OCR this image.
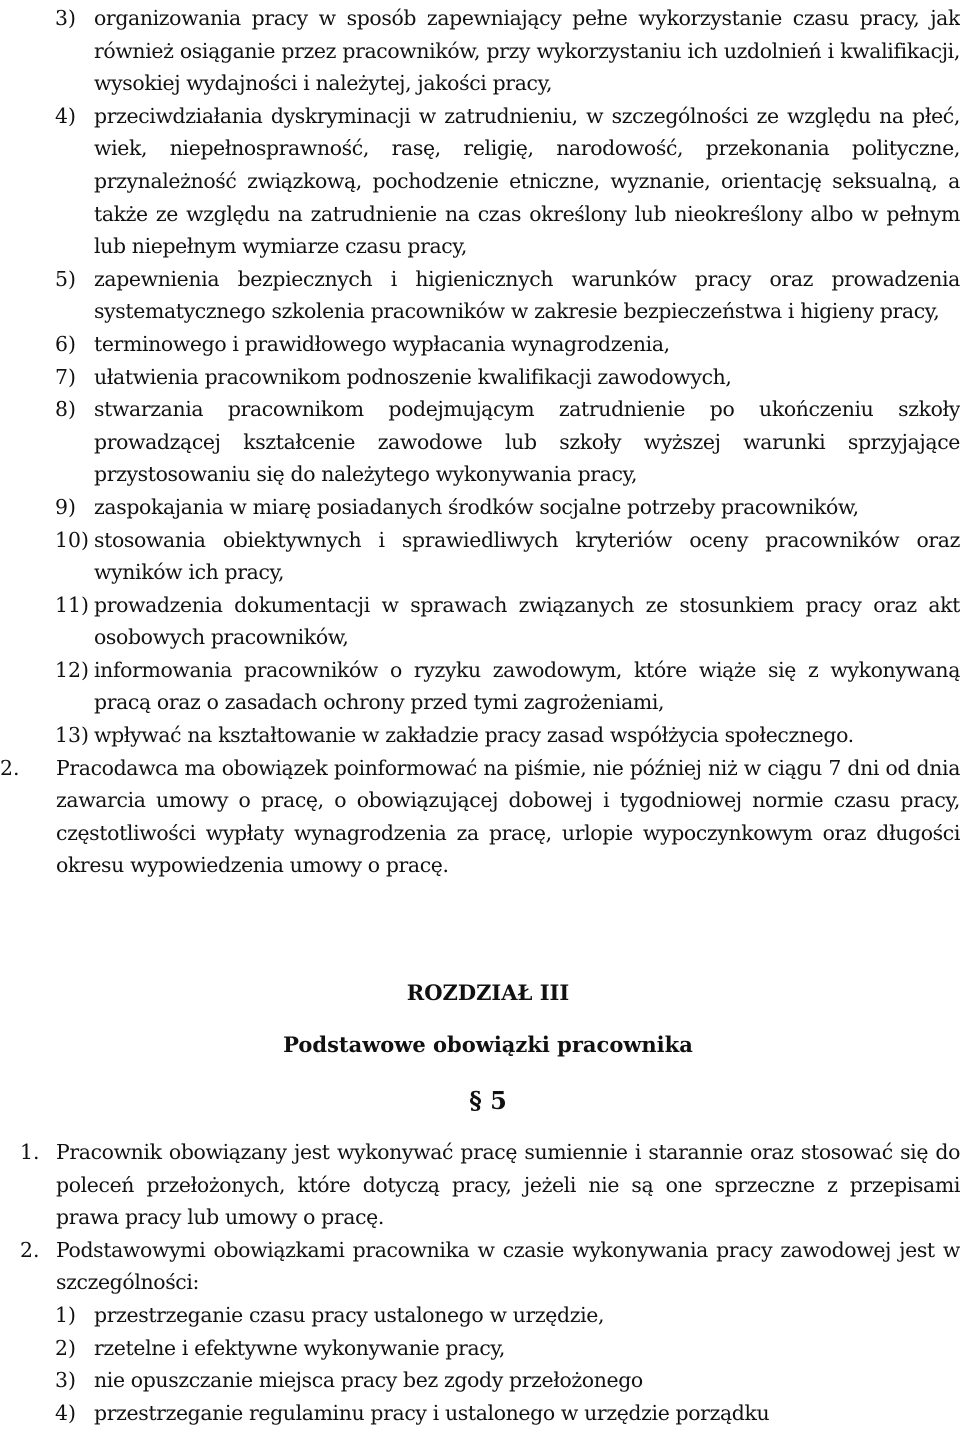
3) organizowania pracy w sposób zapewniający pełne wykorzystanie czasu pracy, jak również osiąganie przez pracowników, przy wykorzystaniu ich uzdolnień i kwalifikacji, wysokiej wydajności i należytej, jakości pracy,
4) przeciwdziałania dyskryminacji w zatrudnieniu, w szczególności ze względu na płeć, wiek, niepełnosprawność, rasę, religię, narodowość, przekonania polityczne, przynależność związkową, pochodzenie etniczne, wyznanie, orientację seksualną, a także ze względu na zatrudnienie na czas określony lub nieokreślony albo w pełnym lub niepełnym wymiarze czasu pracy,
5) zapewnienia bezpiecznych i higienicznych warunków pracy oraz prowadzenia systematycznego szkolenia pracowników w zakresie bezpieczeństwa i higieny pracy,
6) terminowego i prawidłowego wypłacania wynagrodzenia,
7) ułatwienia pracownikom podnoszenie kwalifikacji zawodowych,
8) stwarzania pracownikom podejmującym zatrudnienie po ukończeniu szkoły prowadzącej kształcenie zawodowe lub szkoły wyższej warunki sprzyjające przystosowaniu się do należytego wykonywania pracy,
9) zaspokajania w miarę posiadanych środków socjalne potrzeby pracowników,
10) stosowania obiektywnych i sprawiedliwych kryteriów oceny pracowników oraz wyników ich pracy,
11) prowadzenia dokumentacji w sprawach związanych ze stosunkiem pracy oraz akt osobowych pracowników,
12) informowania pracowników o ryzyku zawodowym, które wiąże się z wykonywaną pracą oraz o zasadach ochrony przed tymi zagrożeniami,
13) wpływać na kształtowanie w zakładzie pracy zasad współżycia społecznego.
2.	Pracodawca ma obowiązek poinformować na piśmie, nie później niż w ciągu 7 dni od dnia zawarcia umowy o pracę, o obowiązującej dobowej i tygodniowej normie czasu pracy, częstotliwości wypłaty wynagrodzenia za pracę, urlopie wypoczynkowym oraz długości okresu wypowiedzenia umowy o pracę.
ROZDZIAŁ III
Podstawowe obowiązki pracownika
§ 5
1. Pracownik obowiązany jest wykonywać pracę sumiennie i starannie oraz stosować się do poleceń przełożonych, które dotyczą pracy, jeżeli nie są one sprzeczne z przepisami prawa pracy lub umowy o pracę.
2. Podstawowymi obowiązkami pracownika w czasie wykonywania pracy zawodowej jest w szczególności:
1) przestrzeganie czasu pracy ustalonego w urzędzie,
2) rzetelne i efektywne wykonywanie pracy,
3) nie opuszczanie miejsca pracy bez zgody przełożonego
4) przestrzeganie regulaminu pracy i ustalonego w urzędzie porządku
